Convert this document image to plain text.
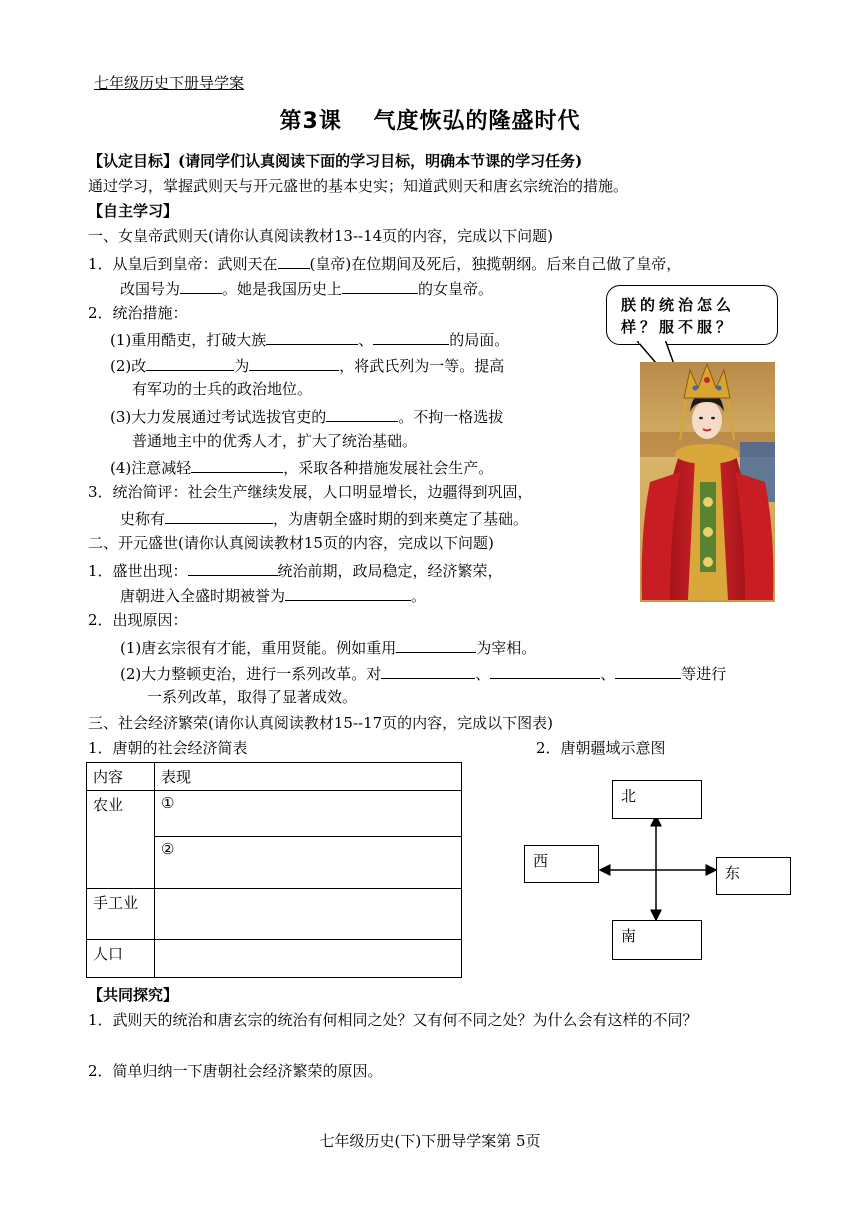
七年级历史下册导学案
第3课　 气度恢弘的隆盛时代
【认定目标】(请同学们认真阅读下面的学习目标，明确本节课的学习任务)
通过学习，掌握武则天与开元盛世的基本史实；知道武则天和唐玄宗统治的措施。
【自主学习】
一、女皇帝武则天(请你认真阅读教材13--14页的内容，完成以下问题)
1．从皇后到皇帝：武则天在 (皇帝)在位期间及死后，独揽朝纲。后来自己做了皇帝，
改国号为	。她是我国历史上	的女皇帝。
2．统治措施：
(1)重用酷吏，打破大族	、	的局面。
(2)改	为	，将武氏列为一等。提高
有军功的士兵的政治地位。
(3)大力发展通过考试选拔官吏的	。不拘一格选拔
普通地主中的优秀人才，扩大了统治基础。
(4)注意减轻	，采取各种措施发展社会生产。
3．统治简评：社会生产继续发展，人口明显增长，边疆得到巩固，
史称有	，为唐朝全盛时期的到来奠定了基础。
二、开元盛世(请你认真阅读教材15页的内容，完成以下问题)
1．盛世出现：	统治前期，政局稳定，经济繁荣，
唐朝进入全盛时期被誉为	。
2．出现原因：
(1)唐玄宗很有才能，重用贤能。例如重用	为宰相。
(2)大力整顿吏治，进行一系列改革。对	、	、	等进行
一系列改革，取得了显著成效。
三、社会经济繁荣(请你认真阅读教材15--17页的内容，完成以下图表)
1．唐朝的社会经济简表	2．唐朝疆域示意图
朕的统治怎么样？服不服？
内容	表现
农业	①
	②
手工业	
人口	
北
南
西
东
【共同探究】
1．武则天的统治和唐玄宗的统治有何相同之处？又有何不同之处？为什么会有这样的不同？
2．简单归纳一下唐朝社会经济繁荣的原因。
七年级历史(下)下册导学案第 5页
